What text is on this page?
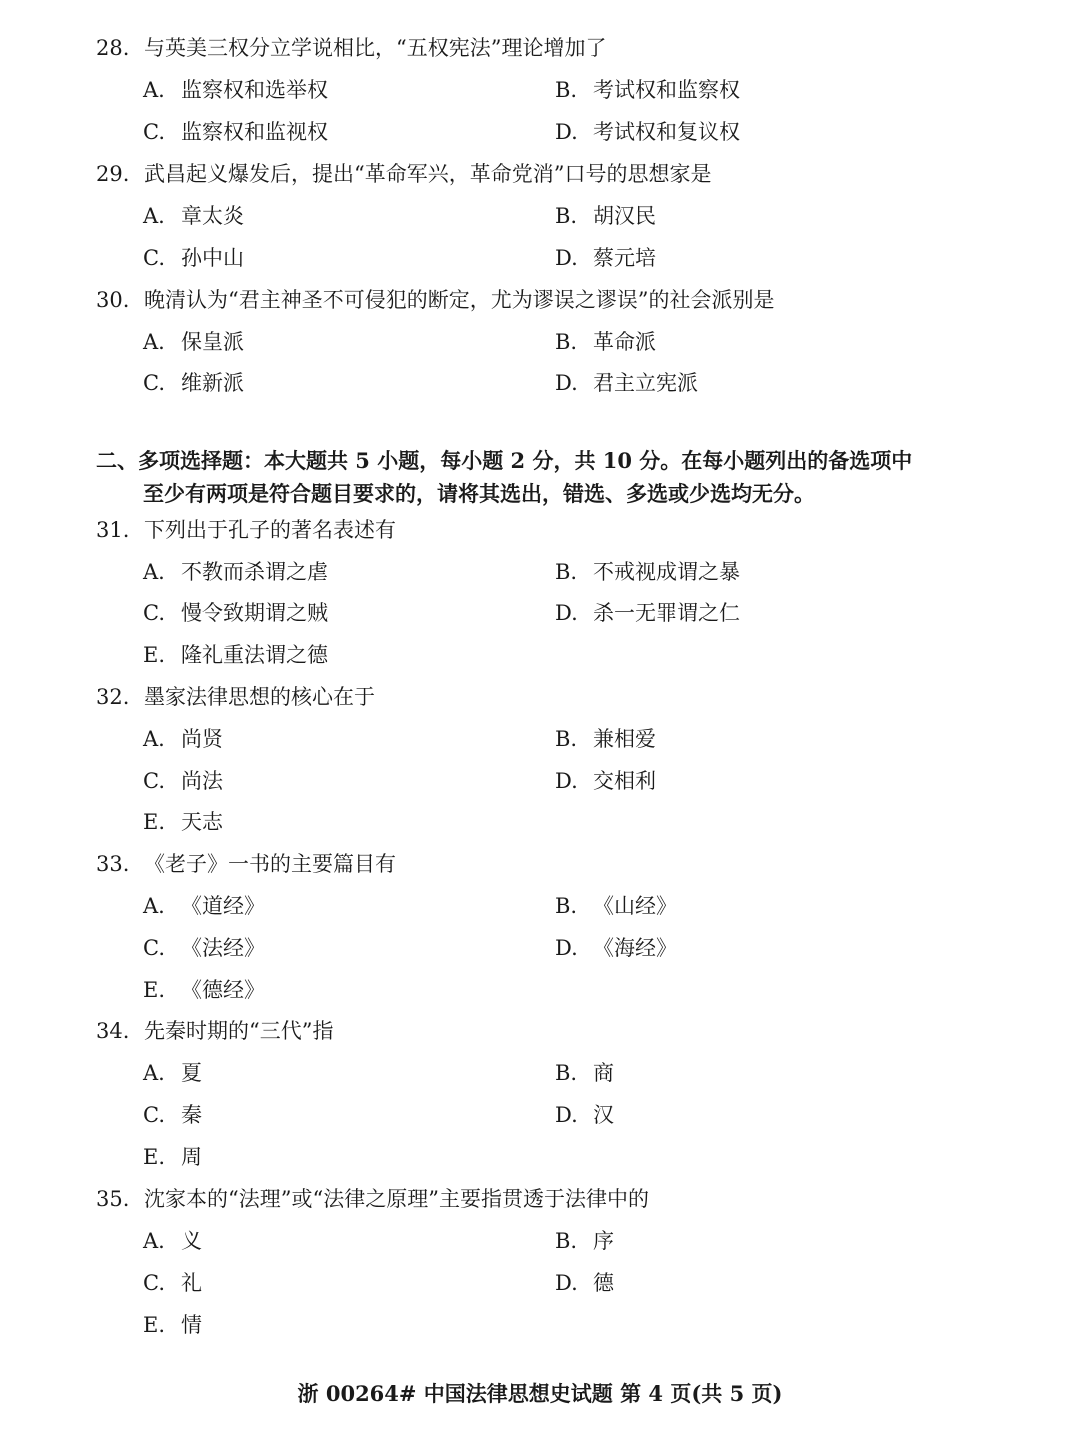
28. 与英美三权分立学说相比，“五权宪法”理论增加了
A. 监察权和选举权	B. 考试权和监察权
C. 监察权和监视权	D. 考试权和复议权
29. 武昌起义爆发后，提出“革命军兴，革命党消”口号的思想家是
A. 章太炎	B. 胡汉民
C. 孙中山	D. 蔡元培
30. 晚清认为“君主神圣不可侵犯的断定，尤为谬误之谬误”的社会派别是
A. 保皇派	B. 革命派
C. 维新派	D. 君主立宪派
二、多项选择题：本大题共 5 小题，每小题 2 分，共 10 分。在每小题列出的备选项中
至少有两项是符合题目要求的，请将其选出，错选、多选或少选均无分。
31. 下列出于孔子的著名表述有
A. 不教而杀谓之虐	B. 不戒视成谓之暴
C. 慢令致期谓之贼	D. 杀一无罪谓之仁
E. 隆礼重法谓之德
32. 墨家法律思想的核心在于
A. 尚贤	B. 兼相爱
C. 尚法	D. 交相利
E. 天志
33. 《老子》一书的主要篇目有
A. 《道经》	B. 《山经》
C. 《法经》	D. 《海经》
E. 《德经》
34. 先秦时期的“三代”指
A. 夏	B. 商
C. 秦	D. 汉
E. 周
35. 沈家本的“法理”或“法律之原理”主要指贯透于法律中的
A. 义	B. 序
C. 礼	D. 德
E. 情
浙 00264# 中国法律思想史试题 第 4 页(共 5 页)
